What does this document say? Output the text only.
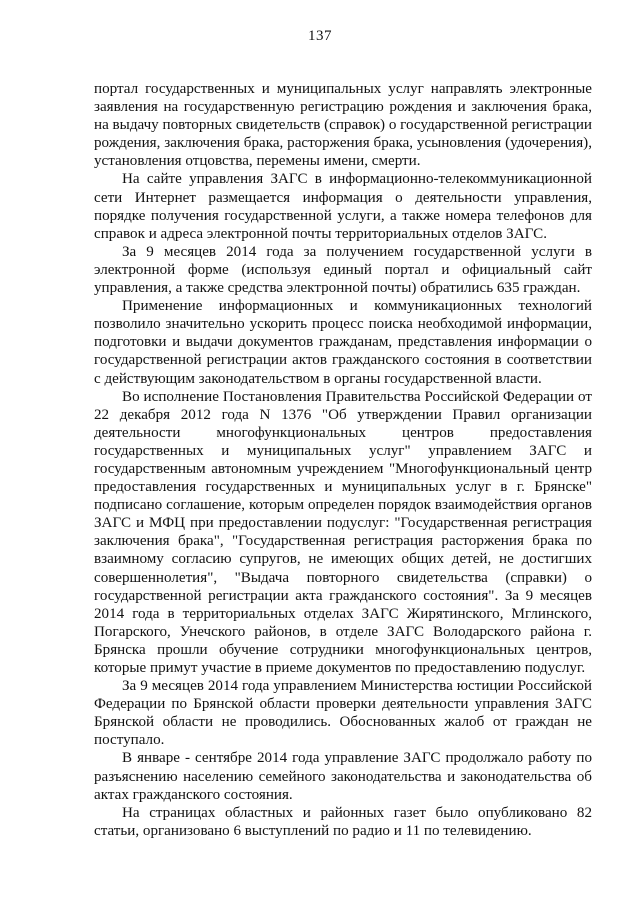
137

портал государственных и муниципальных услуг направлять электронные заявления на государственную регистрацию рождения и заключения брака, на выдачу повторных свидетельств (справок) о государственной регистрации рождения, заключения брака, расторжения брака, усыновления (удочерения), установления отцовства, перемены имени, смерти.

На сайте управления ЗАГС в информационно-телекоммуникационной сети Интернет размещается информация о деятельности управления, порядке получения государственной услуги, а также номера телефонов для справок и адреса электронной почты территориальных отделов ЗАГС.

За 9 месяцев 2014 года за получением государственной услуги в электронной форме (используя единый портал и официальный сайт управления, а также средства электронной почты) обратились 635 граждан.

Применение информационных и коммуникационных технологий позволило значительно ускорить процесс поиска необходимой информации, подготовки и выдачи документов гражданам, представления информации о государственной регистрации актов гражданского состояния в соответствии с действующим законодательством в органы государственной власти.

Во исполнение Постановления Правительства Российской Федерации от 22 декабря 2012 года N 1376 "Об утверждении Правил организации деятельности многофункциональных центров предоставления государственных и муниципальных услуг" управлением ЗАГС и государственным автономным учреждением "Многофункциональный центр предоставления государственных и муниципальных услуг в г. Брянске" подписано соглашение, которым определен порядок взаимодействия органов ЗАГС и МФЦ при предоставлении подуслуг: "Государственная регистрация заключения брака", "Государственная регистрация расторжения брака по взаимному согласию супругов, не имеющих общих детей, не достигших совершеннолетия", "Выдача повторного свидетельства (справки) о государственной регистрации акта гражданского состояния". За 9 месяцев 2014 года в территориальных отделах ЗАГС Жирятинского, Мглинского, Погарского, Унечского районов, в отделе ЗАГС Володарского района г. Брянска прошли обучение сотрудники многофункциональных центров, которые примут участие в приеме документов по предоставлению подуслуг.

За 9 месяцев 2014 года управлением Министерства юстиции Российской Федерации по Брянской области проверки деятельности управления ЗАГС Брянской области не проводились. Обоснованных жалоб от граждан не поступало.

В январе - сентябре 2014 года управление ЗАГС продолжало работу по разъяснению населению семейного законодательства и законодательства об актах гражданского состояния.

На страницах областных и районных газет было опубликовано 82 статьи, организовано 6 выступлений по радио и 11 по телевидению.
